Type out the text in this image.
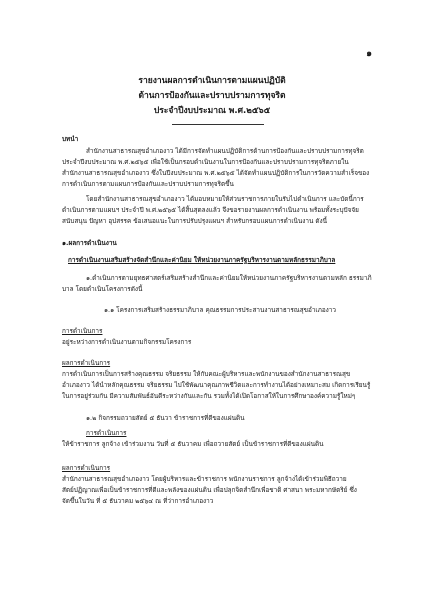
๑
รายงานผลการดำเนินการตามแผนปฏิบัติ
ด้านการป้องกันและปราบปรามการทุจริต
ประจำปีงบประมาณ พ.ศ.๒๕๖๕
บทนำ
สำนักงานสาธารณสุขอำเภองาว ได้มีการจัดทำแผนปฏิบัติการด้านการป้องกันและปราบปรามการทุจริต
ประจำปีงบประมาณ พ.ศ.๒๕๖๕ เพื่อใช้เป็นกรอบดำเนินงานในการป้องกันและปราบปรามการทุจริตภายใน
สำนักงานสาธารณสุขอำเภองาว ซึ่งในปีงบประมาณ พ.ศ.๒๕๖๕ ได้จัดทำแผนปฏิบัติการในการวัดความสำเร็จของ
การดำเนินการตามแผนการป้องกันและปราบปรามการทุจริตขึ้น
โดยสำนักงานสาธารณสุขอำเภองาว ได้มอบหมายให้ส่วนราชการภายในรับไปดำเนินการ และบัดนี้การ
ดำเนินการตามแผนฯ ประจำปี พ.ศ.๒๕๖๕ ได้สิ้นสุดลงแล้ว จึงขอรายงานผลการดำเนินงาน พร้อมทั้งระบุปัจจัย
สนับสนุน ปัญหา อุปสรรค ข้อเสนอแนะในการปรับปรุงแผนฯ สำหรับกรอบแผนการดำเนินงาน ดังนี้
๑.ผลการดำเนินงาน
การดำเนินงานเสริมสร้างจัดสำนึกและค่านิยม ให้หน่วยงานภาครัฐบริหารงานตามหลักธรรมาภิบาล
๑.ดำเนินการตามยุทธศาสตร์เสริมสร้างสำนึกและค่านิยมให้หน่วยงานภาครัฐบริหารงานตามหลัก ธรรมาภิ
บาล โดยดำเนินโครงการดังนี้
๑.๑ โครงการเสริมสร้างธรรมาภิบาล คุณธรรมการประสานงานสาธารณสุขอำเภองาว
การดำเนินการ
อยู่ระหว่างการดำเนินงานตามกิจกรรมโครงการ
ผลการดำเนินการ
การดำเนินการเป็นการสร้างคุณธรรม จริยธรรม ให้กับคณะผู้บริหารและพนักงานของสำนักงานสาธารณสุข
อำเภองาว ได้นำหลักคุณธรรม จริยธรรม ไปใช้พัฒนาคุณภาพชีวิตและการทำงานได้อย่างเหมาะสม เกิดการเรียนรู้
ในการอยู่ร่วมกัน มีความสัมพันธ์อันดีระหว่างกันและกัน รวมทั้งได้เปิดโอกาสให้ในการศึกษาองค์ความรู้ใหม่ๆ
๑.๒ กิจกรรมถวายสัตย์ ๕ ธันวา ข้าราชการที่ดีของแผ่นดิน
การดำเนินการ
ให้ข้าราชการ ลูกจ้าง เข้าร่วมงาน วันที่ ๕ ธันวาคม เพื่อถวายสัตย์ เป็นข้าราชการที่ดีของแผ่นดิน
ผลการดำเนินการ
สำนักงานสาธารณสุขอำเภองาว โดยผู้บริหารและข้าราชการ พนักงานราชการ ลูกจ้างได้เข้าร่วมพิธีถวาย
สัตย์ปฏิญาณเพื่อเป็นข้าราชการที่ดีและพลังของแผ่นดิน เพื่อปลุกจิตสำนึกเพื่อชาติ ศาสนา พระมหากษัตริย์ ซึ่ง
จัดขึ้นในวัน ที่ ๕ ธันวาคม ๒๕๖๔ ณ ที่ว่าการอำเภองาว
